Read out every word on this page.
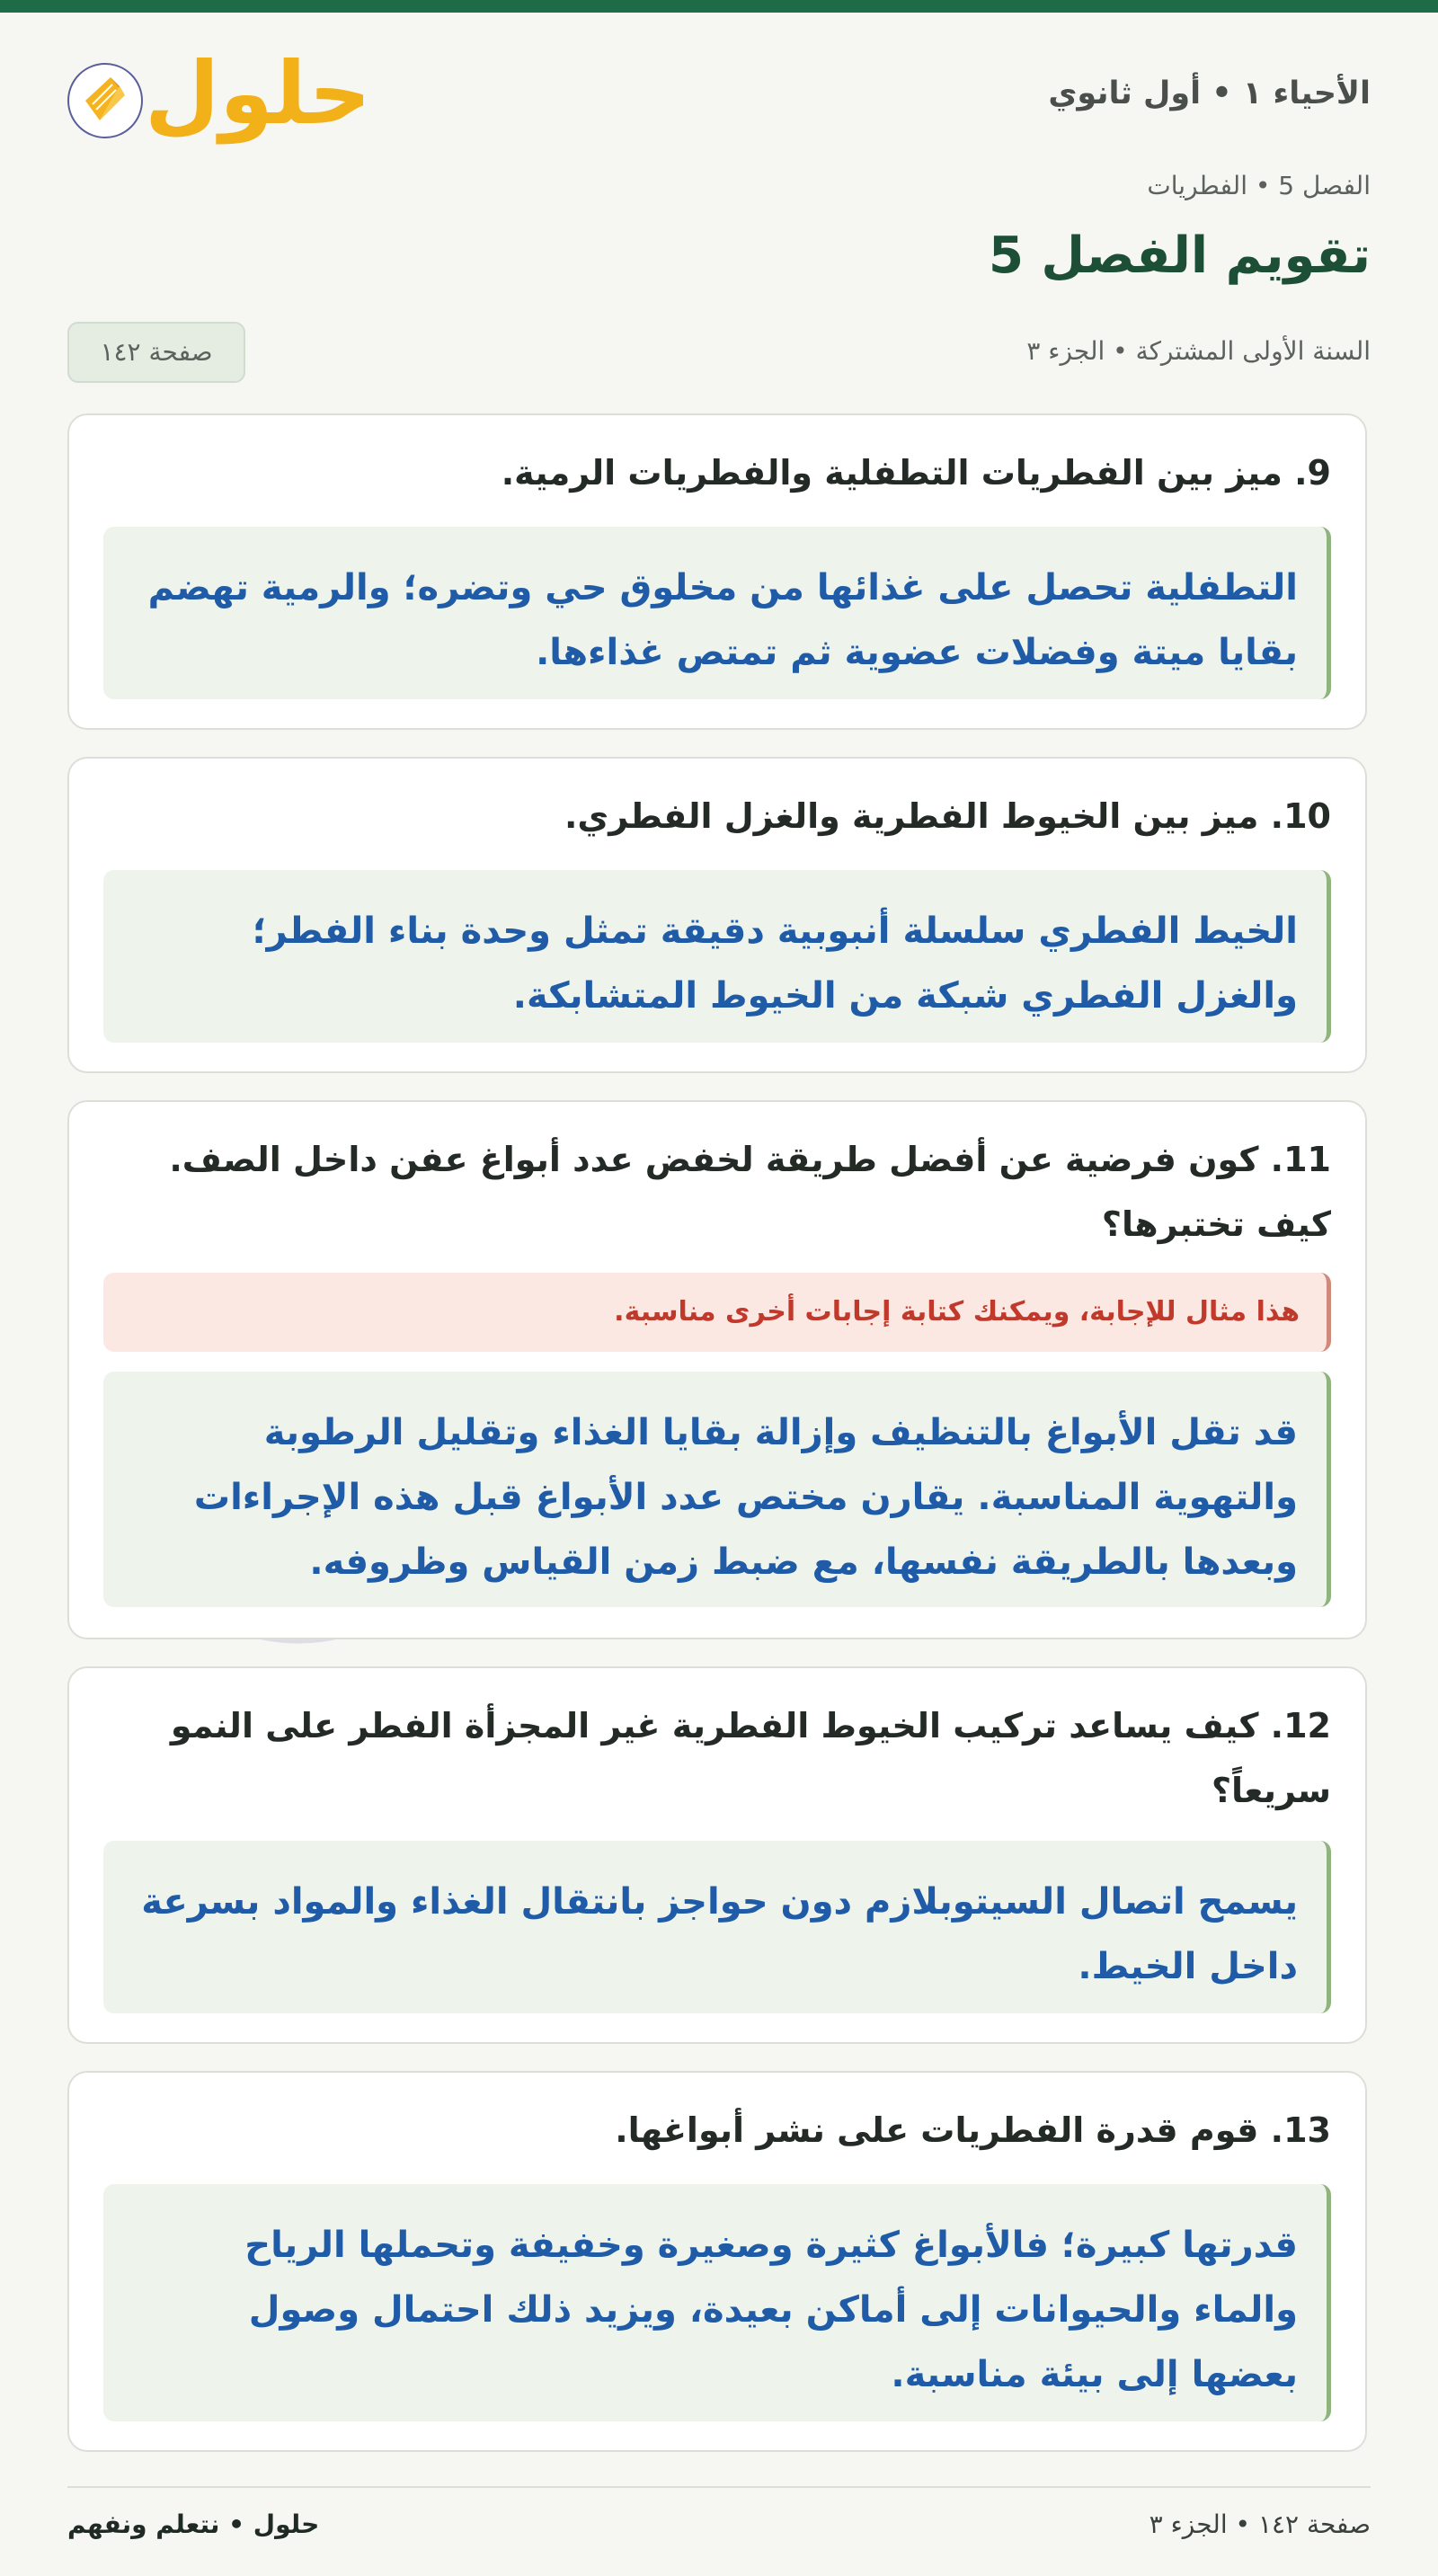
الأحياء ١ • أول ثانوي
حلول
الفصل 5 • الفطريات
تقويم الفصل 5
السنة الأولى المشتركة • الجزء ٣
صفحة ١٤٢

9. ميز بين الفطريات التطفلية والفطريات الرمية.

التطفلية تحصل على غذائها من مخلوق حي وتضره؛ والرمية تهضم بقايا ميتة وفضلات عضوية ثم تمتص غذاءها.

10. ميز بين الخيوط الفطرية والغزل الفطري.

الخيط الفطري سلسلة أنبوبية دقيقة تمثل وحدة بناء الفطر؛ والغزل الفطري شبكة من الخيوط المتشابكة.

11. كون فرضية عن أفضل طريقة لخفض عدد أبواغ عفن داخل الصف. كيف تختبرها؟

هذا مثال للإجابة، ويمكنك كتابة إجابات أخرى مناسبة.
قد تقل الأبواغ بالتنظيف وإزالة بقايا الغذاء وتقليل الرطوبة والتهوية المناسبة. يقارن مختص عدد الأبواغ قبل هذه الإجراءات وبعدها بالطريقة نفسها، مع ضبط زمن القياس وظروفه.

12. كيف يساعد تركيب الخيوط الفطرية غير المجزأة الفطر على النمو سريعاً؟

يسمح اتصال السيتوبلازم دون حواجز بانتقال الغذاء والمواد بسرعة داخل الخيط.

13. قوم قدرة الفطريات على نشر أبواغها.

قدرتها كبيرة؛ فالأبواغ كثيرة وصغيرة وخفيفة وتحملها الرياح والماء والحيوانات إلى أماكن بعيدة، ويزيد ذلك احتمال وصول بعضها إلى بيئة مناسبة.
حلول • نتعلم ونفهم	صفحة ١٤٢ • الجزء ٣
